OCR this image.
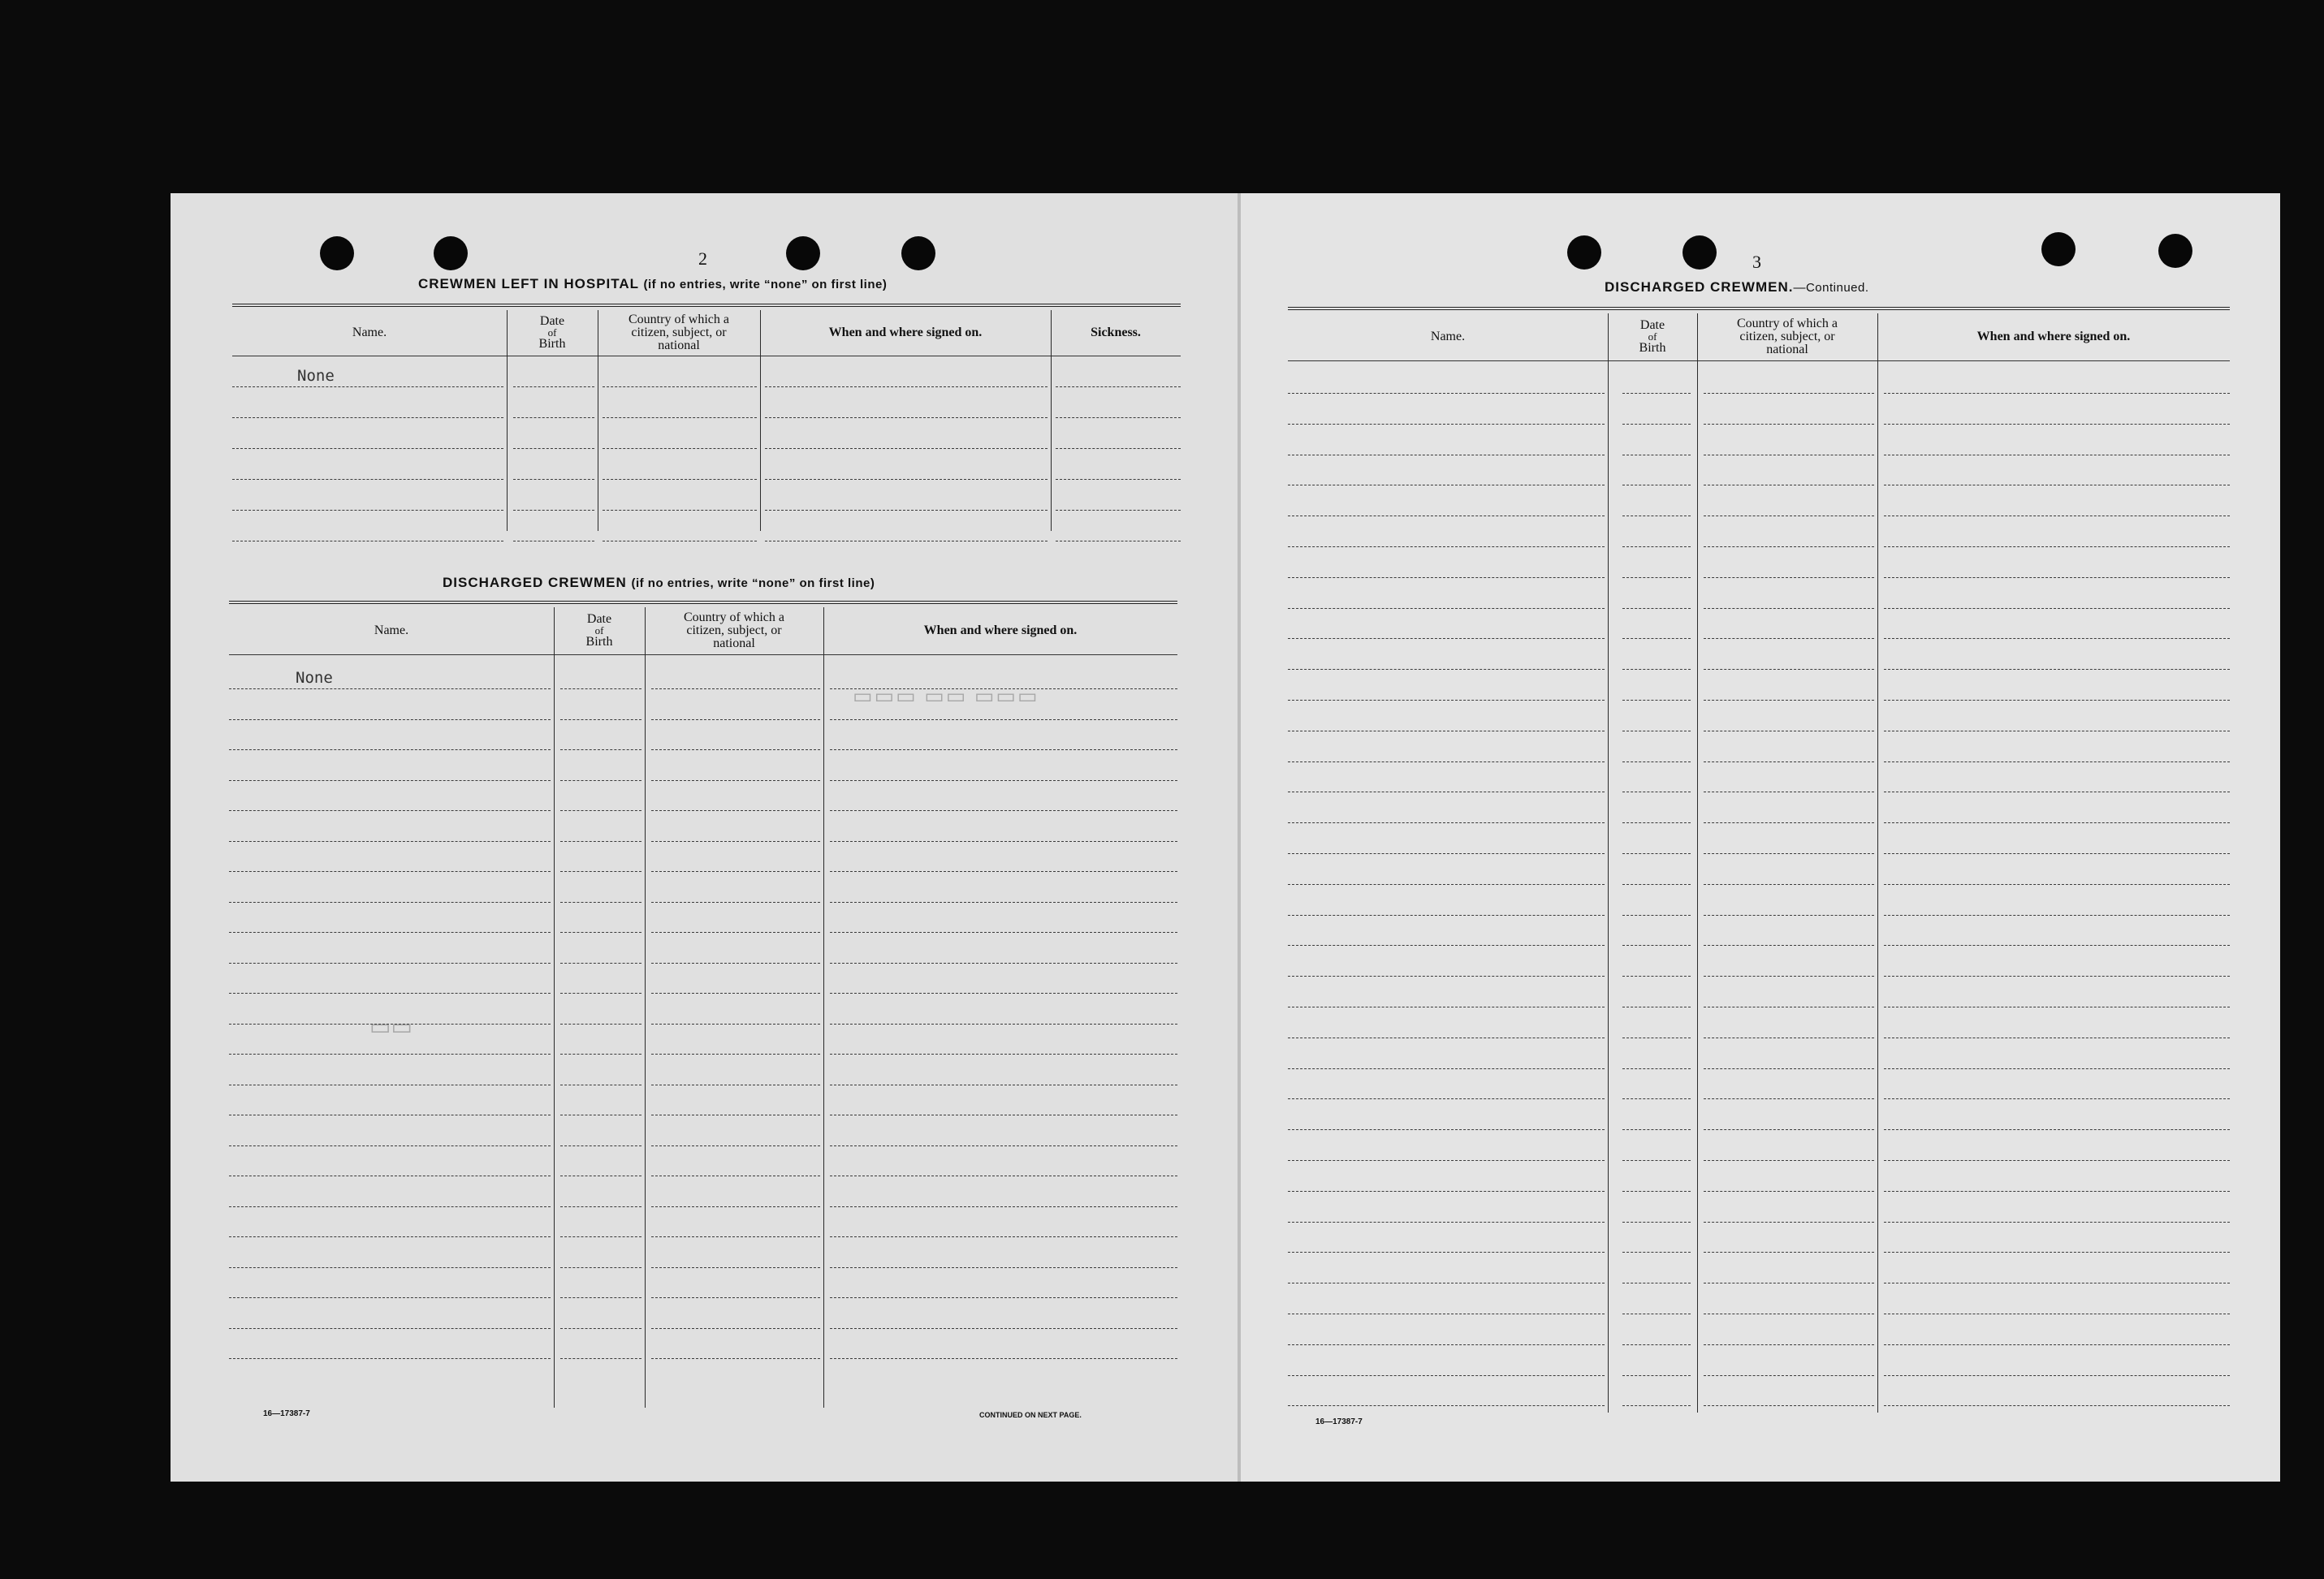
2
CREWMEN LEFT IN HOSPITAL (if no entries, write “none” on first line)
Name.
Date
of
Birth
Country of which a
citizen, subject, or
national
When and where signed on.	Sickness.
None
DISCHARGED CREWMEN (if no entries, write “none” on first line)
Name.
Date
of
Birth
Country of which a
citizen, subject, or
national
When and where signed on.
None
▭▭▭ ▭▭ ▭▭▭
▭▭
16—17387-7	CONTINUED ON NEXT PAGE.
3
DISCHARGED CREWMEN.—Continued.
Name.
Date
of
Birth
Country of which a
citizen, subject, or
national
When and where signed on.
16—17387-7
